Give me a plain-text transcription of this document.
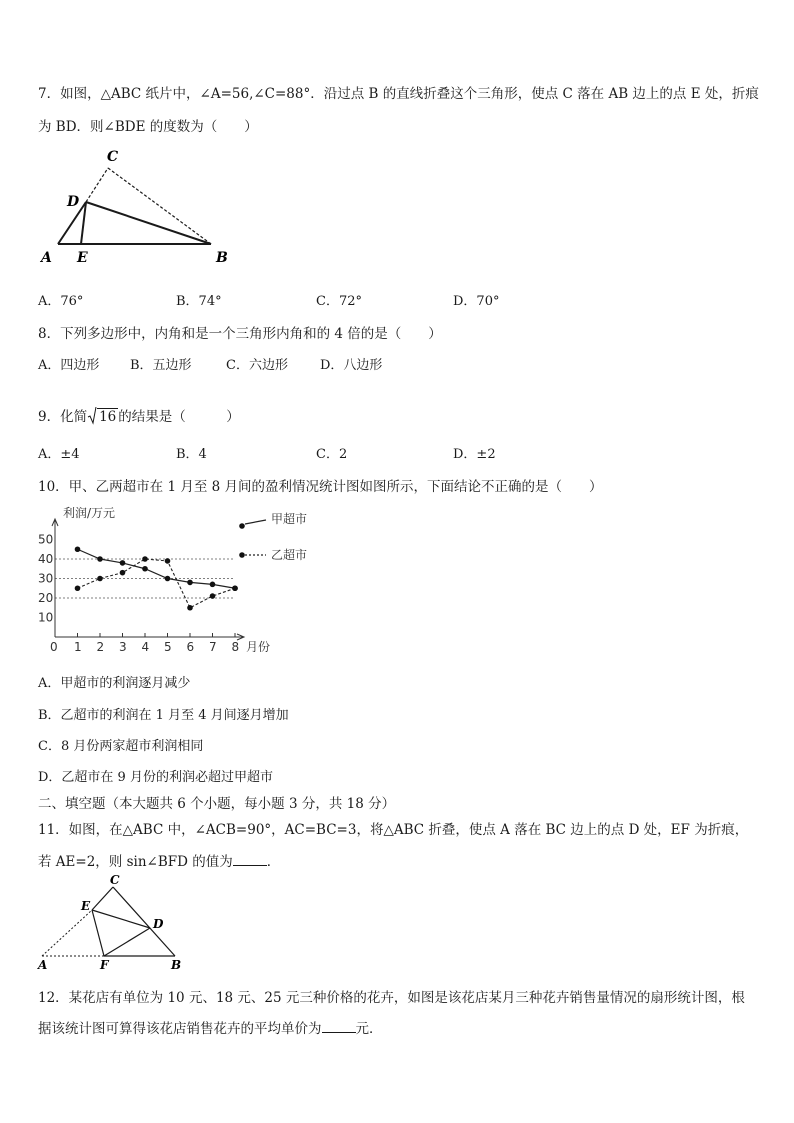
7．如图，△ABC 纸片中，∠A=56,∠C=88°．沿过点 B 的直线折叠这个三角形，使点 C 落在 AB 边上的点 E 处，折痕
为 BD．则∠BDE 的度数为（　　）
C
D
A E	B
A．76°	B．74°	C．72°	D．70°
8．下列多边形中，内角和是一个三角形内角和的 4 倍的是（　　）
A．四边形 B．五边形	C．六边形 D．八边形
9．化简 16 的结果是（　　　）
A．±4	B．4	C．2	D．±2
10．甲、乙两超市在 1 月至 8 月间的盈利情况统计图如图所示，下面结论不正确的是（　　）
利润/万元
月份
0 1 2 3 4 5 6 7 8
10
20
30
40
50
甲超市
乙超市
A．甲超市的利润逐月减少
B．乙超市的利润在 1 月至 4 月间逐月增加
C．8 月份两家超市利润相同
D．乙超市在 9 月份的利润必超过甲超市
二、填空题（本大题共 6 个小题，每小题 3 分，共 18 分）
11．如图，在△ABC 中，∠ACB=90°，AC=BC=3，将△ABC 折叠，使点 A 落在 BC 边上的点 D 处，EF 为折痕，
若 AE=2，则 sin∠BFD 的值为	．
C
E
D
A	F	B
12．某花店有单位为 10 元、18 元、25 元三种价格的花卉，如图是该花店某月三种花卉销售量情况的扇形统计图，根
据该统计图可算得该花店销售花卉的平均单价为	元．
